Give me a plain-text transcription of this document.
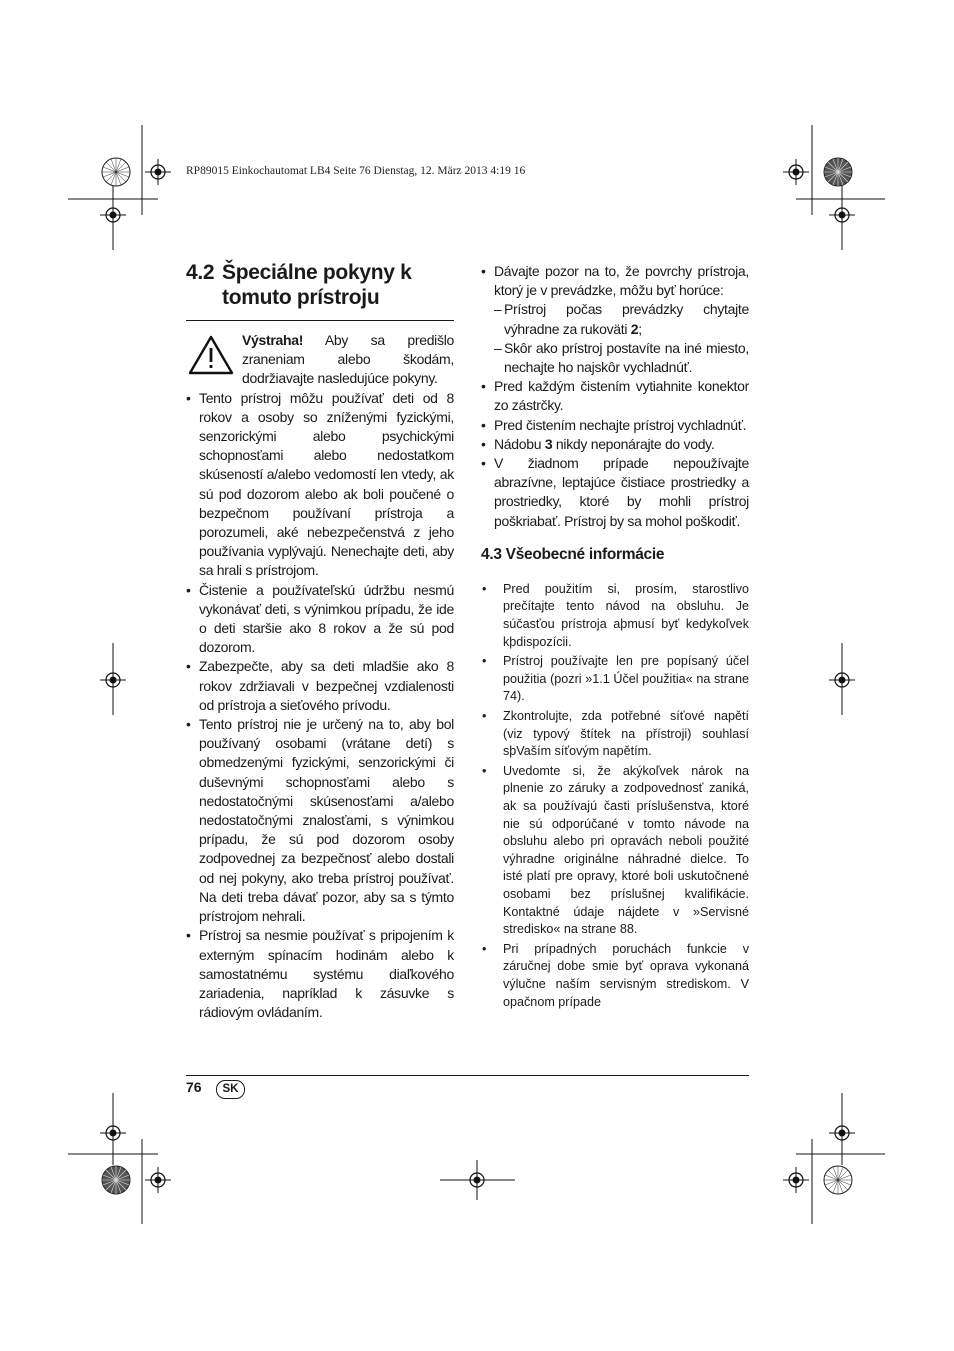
RP89015 Einkochautomat LB4 Seite 76 Dienstag, 12. März 2013 4:19 16
4.2 Špeciálne pokyny k tomuto prístroju
Výstraha! Aby sa predišlo zraneniam alebo škodám, dodržiavajte nasledujúce pokyny.
• Tento prístroj môžu používať deti od 8 rokov a osoby so zníženými fyzickými, senzorickými alebo psychickými schopnosťami alebo nedostatkom skúseností a/alebo vedomostí len vtedy, ak sú pod dozorom alebo ak boli poučené o bezpečnom používaní prístroja a porozumeli, aké nebezpečenstvá z jeho používania vyplývajú. Nenechajte deti, aby sa hrali s prístrojom.
• Čistenie a používateľskú údržbu nesmú vykonávať deti, s výnimkou prípadu, že ide o deti staršie ako 8 rokov a že sú pod dozorom.
• Zabezpečte, aby sa deti mladšie ako 8 rokov zdržiavali v bezpečnej vzdialenosti od prístroja a sieťového prívodu.
• Tento prístroj nie je určený na to, aby bol používaný osobami (vrátane detí) s obmedzenými fyzickými, senzorickými či duševnými schopnosťami alebo s nedostatočnými skúsenosťami a/alebo nedostatočnými znalosťami, s výnimkou prípadu, že sú pod dozorom osoby zodpovednej za bezpečnosť alebo dostali od nej pokyny, ako treba prístroj používať. Na deti treba dávať pozor, aby sa s týmto prístrojom nehrali.
• Prístroj sa nesmie používať s pripojením k externým spínacím hodinám alebo k samostatnému systému diaľkového zariadenia, napríklad k zásuvke s rádiovým ovládaním.
• Dávajte pozor na to, že povrchy prístroja, ktorý je v prevádzke, môžu byť horúce:
– Prístroj počas prevádzky chytajte výhradne za rukoväti 2;
– Skôr ako prístroj postavíte na iné miesto, nechajte ho najskôr vychladnúť.
• Pred každým čistením vytiahnite konektor zo zástrčky.
• Pred čistením nechajte prístroj vychladnúť.
• Nádobu 3 nikdy neponárajte do vody.
• V žiadnom prípade nepoužívajte abrazívne, leptajúce čistiace prostriedky a prostriedky, ktoré by mohli prístroj poškriabať. Prístroj by sa mohol poškodiť.
4.3 Všeobecné informácie
• Pred použitím si, prosím, starostlivo prečítajte tento návod na obsluhu. Je súčasťou prístroja aþmusí byť kedykoľvek kþdispozícii.
• Prístroj používajte len pre popísaný účel použitia (pozri »1.1 Účel použitia« na strane 74).
• Zkontrolujte, zda potřebné síťové napětí (viz typový štítek na přístroji) souhlasí sþVaším síťovým napětím.
• Uvedomte si, že akýkoľvek nárok na plnenie zo záruky a zodpovednosť zaniká, ak sa používajú časti príslušenstva, ktoré nie sú odporúčané v tomto návode na obsluhu alebo pri opravách neboli použité výhradne originálne náhradné dielce. To isté platí pre opravy, ktoré boli uskutočnené osobami bez príslušnej kvalifikácie. Kontaktné údaje nájdete v »Servisné stredisko« na strane 88.
• Pri prípadných poruchách funkcie v záručnej dobe smie byť oprava vykonaná výlučne naším servisným strediskom. V opačnom prípade
76	SK
